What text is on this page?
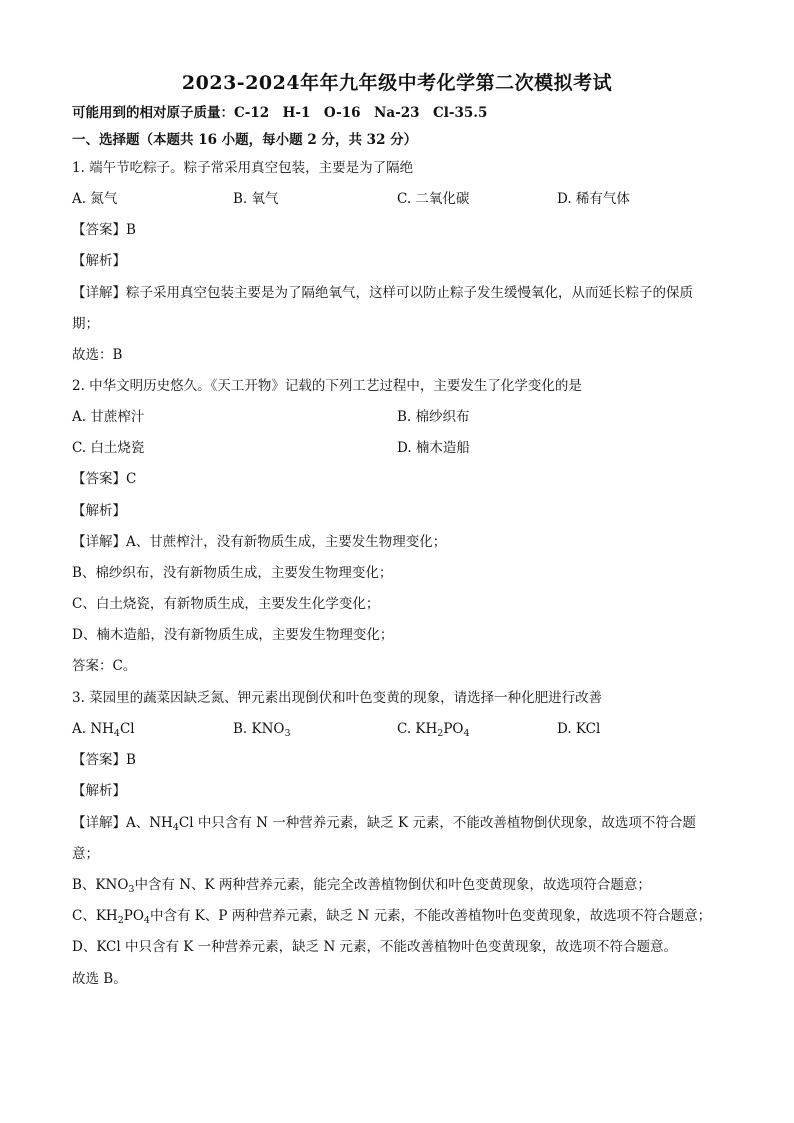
2023-2024年年九年级中考化学第二次模拟考试
可能用到的相对原子质量：C-12　H-1　O-16　Na-23　Cl-35.5
一、选择题（本题共 16 小题，每小题 2 分，共 32 分）
1. 端午节吃粽子。粽子常采用真空包装，主要是为了隔绝
A. 氮气	B. 氧气	C. 二氧化碳	D. 稀有气体
【答案】B
【解析】
【详解】粽子采用真空包装主要是为了隔绝氧气，这样可以防止粽子发生缓慢氧化，从而延长粽子的保质
期；
故选：B
2. 中华文明历史悠久。《天工开物》记载的下列工艺过程中，主要发生了化学变化的是
A. 甘蔗榨汁	B. 棉纱织布
C. 白土烧瓷	D. 楠木造船
【答案】C
【解析】
【详解】A、甘蔗榨汁，没有新物质生成，主要发生物理变化；
B、棉纱织布，没有新物质生成，主要发生物理变化；
C、白土烧瓷，有新物质生成，主要发生化学变化；
D、楠木造船，没有新物质生成，主要发生物理变化；
答案：C。
3. 菜园里的蔬菜因缺乏氮、钾元素出现倒伏和叶色变黄的现象，请选择一种化肥进行改善
A. $NH_4Cl$	B. $KNO_3$	C. $KH_2PO_4$	D. KCl
【答案】B
【解析】
【详解】A、$NH_4Cl$ 中只含有 N 一种营养元素，缺乏 K 元素，不能改善植物倒伏现象，故选项不符合题
意；
B、$KNO_3$中含有 N、K 两种营养元素，能完全改善植物倒伏和叶色变黄现象，故选项符合题意；
C、$KH_2PO_4$中含有 K、P 两种营养元素，缺乏 N 元素，不能改善植物叶色变黄现象，故选项不符合题意；
D、KCl 中只含有 K 一种营养元素，缺乏 N 元素，不能改善植物叶色变黄现象，故选项不符合题意。
故选 B。
